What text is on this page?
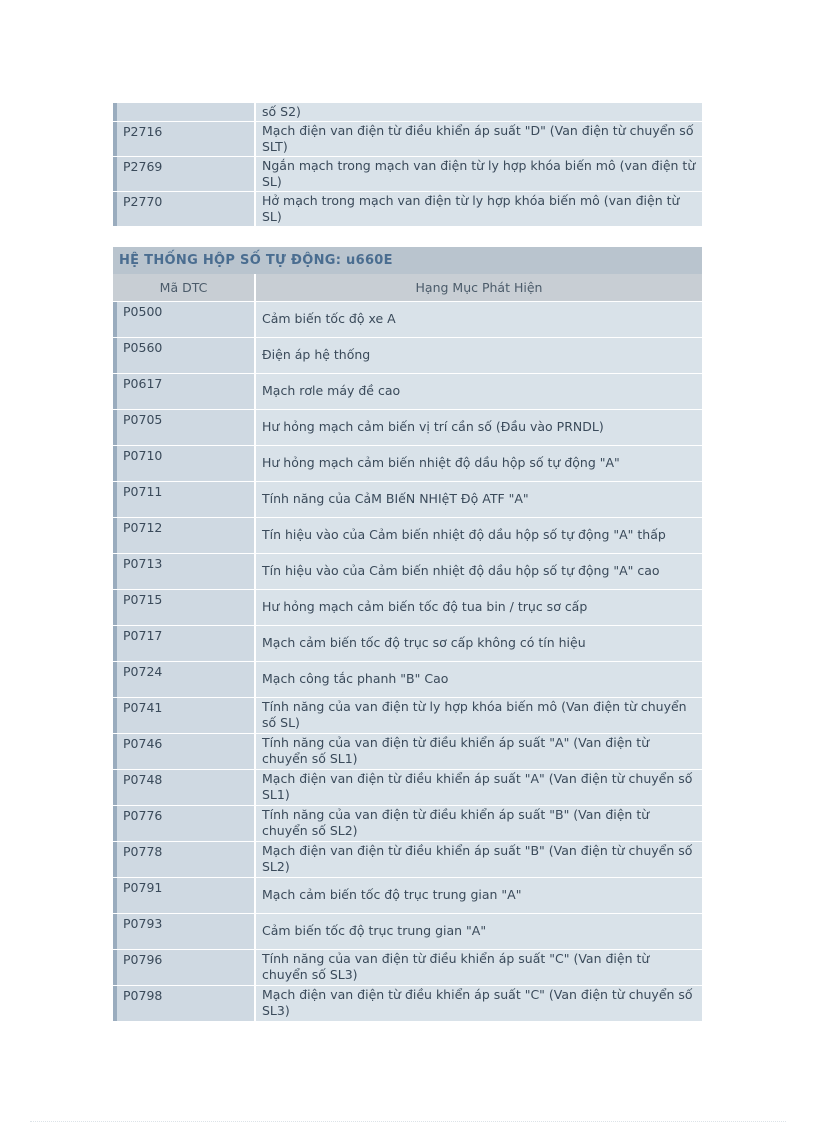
số S2)
P2716	Mạch điện van điện từ điều khiển áp suất "D" (Van điện từ chuyển số SLT)
P2769	Ngắn mạch trong mạch van điện từ ly hợp khóa biến mô (van điện từ SL)
P2770	Hở mạch trong mạch van điện từ ly hợp khóa biến mô (van điện từ SL)
HỆ THỐNG HỘP SỐ TỰ ĐỘNG: u660E
Mã DTC	Hạng Mục Phát Hiện
P0500	Cảm biến tốc độ xe A
P0560	Điện áp hệ thống
P0617	Mạch rơle máy đề cao
P0705	Hư hỏng mạch cảm biến vị trí cần số (Đầu vào PRNDL)
P0710	Hư hỏng mạch cảm biến nhiệt độ dầu hộp số tự động "A"
P0711	Tính năng của CảM BIếN NHIệT Độ ATF "A"
P0712	Tín hiệu vào của Cảm biến nhiệt độ dầu hộp số tự động "A" thấp
P0713	Tín hiệu vào của Cảm biến nhiệt độ dầu hộp số tự động "A" cao
P0715	Hư hỏng mạch cảm biến tốc độ tua bin / trục sơ cấp
P0717	Mạch cảm biến tốc độ trục sơ cấp không có tín hiệu
P0724	Mạch công tắc phanh "B" Cao
P0741	Tính năng của van điện từ ly hợp khóa biến mô (Van điện từ chuyển số SL)
P0746	Tính năng của van điện từ điều khiển áp suất "A" (Van điện từ chuyển số SL1)
P0748	Mạch điện van điện từ điều khiển áp suất "A" (Van điện từ chuyển số SL1)
P0776	Tính năng của van điện từ điều khiển áp suất "B" (Van điện từ chuyển số SL2)
P0778	Mạch điện van điện từ điều khiển áp suất "B" (Van điện từ chuyển số SL2)
P0791	Mạch cảm biến tốc độ trục trung gian "A"
P0793	Cảm biến tốc độ trục trung gian "A"
P0796	Tính năng của van điện từ điều khiển áp suất "C" (Van điện từ chuyển số SL3)
P0798	Mạch điện van điện từ điều khiển áp suất "C" (Van điện từ chuyển số SL3)
